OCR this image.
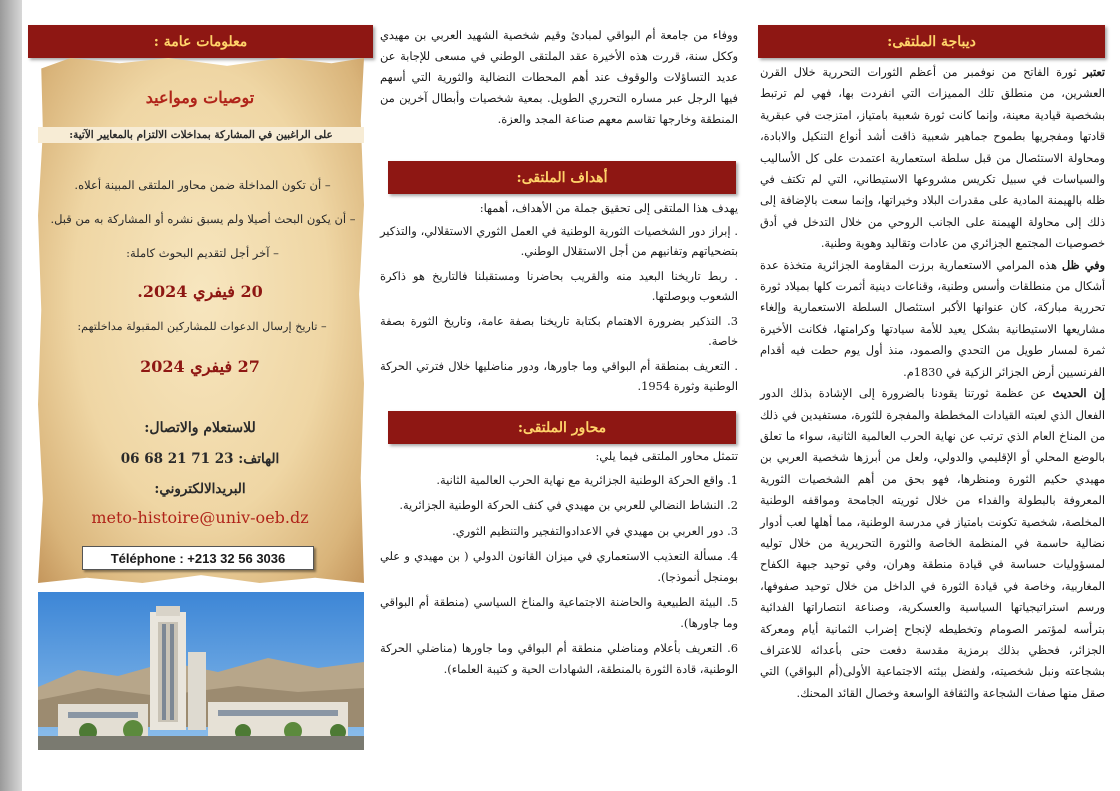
ديباجة الملتقى:

تعتبر ثورة الفاتح من نوفمبر من أعظم الثورات التحررية خلال القرن العشرين، من منطلق تلك المميزات التي انفردت بها، فهي لم ترتبط بشخصية قيادية معينة، وإنما كانت ثورة شعبية بامتياز، امتزجت في عبقرية قادتها ومفجريها بطموح جماهير شعبية ذاقت أشد أنواع التنكيل والابادة، ومحاولة الاستئصال من قبل سلطة استعمارية اعتمدت على كل الأساليب والسياسات في سبيل تكريس مشروعها الاستيطاني، التي لم تكتف في ظله بالهيمنة المادية على مقدرات البلاد وخيراتها، وإنما سعت بالإضافة إلى ذلك إلى محاولة الهيمنة على الجانب الروحي من خلال التدخل في أدق خصوصيات المجتمع الجزائري من عادات وتقاليد وهوية وطنية.

وفي ظل هذه المرامي الاستعمارية برزت المقاومة الجزائرية متخذة عدة أشكال من منطلقات وأسس وطنية، وقناعات دينية أثمرت كلها بميلاد ثورة تحررية مباركة، كان عنوانها الأكبر استئصال السلطة الاستعمارية وإلغاء مشاريعها الاستيطانية بشكل يعيد للأمة سيادتها وكرامتها، فكانت الأخيرة ثمرة لمسار طويل من التحدي والصمود، منذ أول يوم حطت فيه أقدام الفرنسيين أرض الجزائر الزكية في 1830م.

إن الحديث عن عظمة ثورتنا يقودنا بالضرورة إلى الإشادة بذلك الدور الفعال الذي لعبته القيادات المخططة والمفجرة للثورة، مستفيدين في ذلك من المناخ العام الذي ترتب عن نهاية الحرب العالمية الثانية، سواء ما تعلق بالوضع المحلي أو الإقليمي والدولي، ولعل من أبرزها شخصية العربي بن مهيدي حكيم الثورة ومنظرها، فهو بحق من أهم الشخصيات الثورية المعروفة بالبطولة والفداء من خلال ثوريته الجامحة ومواقفه الوطنية المخلصة، شخصية تكونت بامتياز في مدرسة الوطنية، مما أهلها لعب أدوار نضالية حاسمة في المنظمة الخاصة والثورة التحريرية من خلال توليه لمسؤوليات حساسة في قيادة منطقة وهران، وفي توحيد جبهة الكفاح المغاربية، وخاصة في قيادة الثورة في الداخل من خلال توحيد صفوفها، ورسم استراتيجياتها السياسية والعسكرية، وصناعة انتصاراتها الفدائية بترأسه لمؤتمر الصومام وتخطيطه لإنجاح إضراب الثمانية أيام ومعركة الجزائر، فحظي بذلك برمزية مقدسة دفعت حتى بأعدائه للاعتراف بشجاعته ونبل شخصيته، ولفضل بيئته الاجتماعية الأولى(أم البواقي) التي صقل منها صفات الشجاعة والثقافة الواسعة وخصال القائد المحنك.

ووفاء من جامعة أم البواقي لمبادئ وقيم شخصية الشهيد العربي بن مهيدي وككل سنة، قررت هذه الأخيرة عقد الملتقى الوطني في مسعى للإجابة عن عديد التساؤلات والوقوف عند أهم المحطات النضالية والثورية التي أسهم فيها الرجل عبر مساره التحرري الطويل. بمعية شخصيات وأبطال آخرين من المنطقة وخارجها تقاسم معهم صناعة المجد والعزة.

أهداف الملتقى:

يهدف هذا الملتقى إلى تحقيق جملة من الأهداف، أهمها:

. إبراز دور الشخصيات الثورية الوطنية في العمل الثوري الاستقلالي، والتذكير بتضحياتهم وتفانيهم من أجل الاستقلال الوطني.
. ربط تاريخنا البعيد منه والقريب بحاضرنا ومستقبلنا فالتاريخ هو ذاكرة الشعوب وبوصلتها.
3. التذكير بضرورة الاهتمام بكتابة تاريخنا بصفة عامة، وتاريخ الثورة بصفة خاصة.
. التعريف بمنطقة أم البواقي وما جاورها، ودور مناضليها خلال فترتي الحركة الوطنية وثورة 1954.
محاور الملتقى:

تتمثل محاور الملتقى فيما يلي:

1. واقع الحركة الوطنية الجزائرية مع نهاية الحرب العالمية الثانية.
2. النشاط النضالي للعربي بن مهيدي في كنف الحركة الوطنية الجزائرية.
3. دور العربي بن مهيدي في الاعدادوالتفجير والتنظيم الثوري.
4. مسألة التعذيب الاستعماري في ميزان القانون الدولي ( بن مهيدي و علي بومنجل أنموذجا).
5. البيئة الطبيعية والحاضنة الاجتماعية والمناخ السياسي (منطقة أم البواقي وما جاورها).
6. التعريف بأعلام ومناضلي منطقة أم البواقي وما جاورها (مناضلي الحركة الوطنية، قادة الثورة بالمنطقة، الشهادات الحية و كتيبة العلماء).
معلومات عامة :
توصيات ومواعيد
على الراغبين في المشاركة بمداخلات الالتزام بالمعايير الآتية:
– أن تكون المداخلة ضمن محاور الملتقى المبينة أعلاه.
– أن يكون البحث أصيلا ولم يسبق نشره أو المشاركة به من قبل.
– آخر أجل لتقديم البحوث كاملة:
20 فيفري 2024.
– تاريخ إرسال الدعوات للمشاركين المقبولة مداخلتهم:
27 فيفري 2024
للاستعلام والاتصال:
الهاتف: 23 71 21 68 06
البريدالالكتروني:
meto-histoire@univ-oeb.dz
Téléphone : +213 32 56 3036
